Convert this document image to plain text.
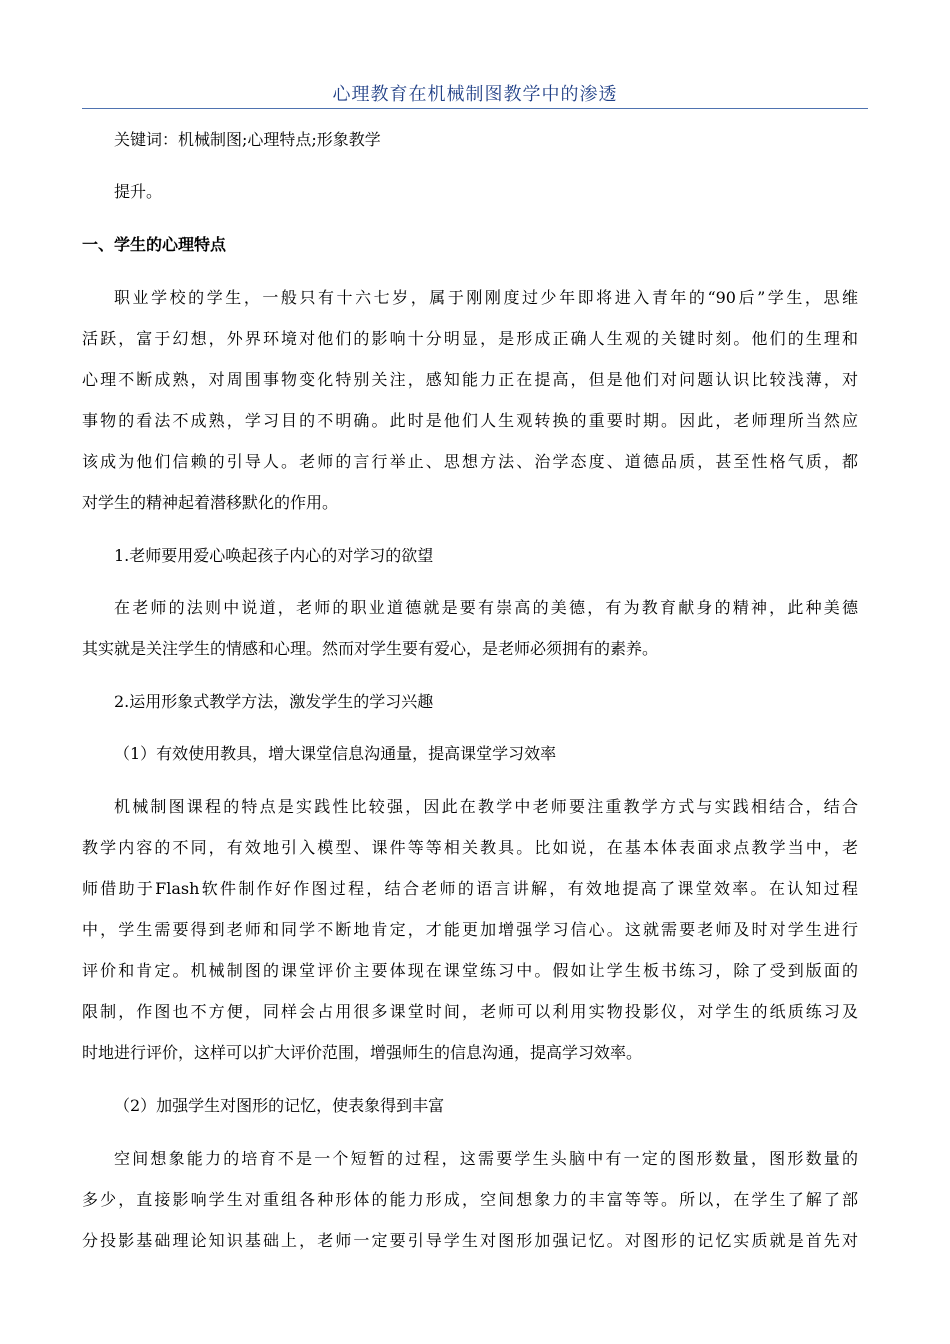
心理教育在机械制图教学中的渗透
关键词：机械制图;心理特点;形象教学
提升。
一、学生的心理特点
职业学校的学生，一般只有十六七岁，属于刚刚度过少年即将进入青年的“90后”学生，思维
活跃，富于幻想，外界环境对他们的影响十分明显，是形成正确人生观的关键时刻。他们的生理和
心理不断成熟，对周围事物变化特别关注，感知能力正在提高，但是他们对问题认识比较浅薄，对
事物的看法不成熟，学习目的不明确。此时是他们人生观转换的重要时期。因此，老师理所当然应
该成为他们信赖的引导人。老师的言行举止、思想方法、治学态度、道德品质，甚至性格气质，都
对学生的精神起着潜移默化的作用。
1.老师要用爱心唤起孩子内心的对学习的欲望
在老师的法则中说道，老师的职业道德就是要有崇高的美德，有为教育献身的精神，此种美德
其实就是关注学生的情感和心理。然而对学生要有爱心，是老师必须拥有的素养。
2.运用形象式教学方法，激发学生的学习兴趣
（1）有效使用教具，增大课堂信息沟通量，提高课堂学习效率
机械制图课程的特点是实践性比较强，因此在教学中老师要注重教学方式与实践相结合，结合
教学内容的不同，有效地引入模型、课件等等相关教具。比如说，在基本体表面求点教学当中，老
师借助于Flash软件制作好作图过程，结合老师的语言讲解，有效地提高了课堂效率。在认知过程
中，学生需要得到老师和同学不断地肯定，才能更加增强学习信心。这就需要老师及时对学生进行
评价和肯定。机械制图的课堂评价主要体现在课堂练习中。假如让学生板书练习，除了受到版面的
限制，作图也不方便，同样会占用很多课堂时间，老师可以利用实物投影仪，对学生的纸质练习及
时地进行评价，这样可以扩大评价范围，增强师生的信息沟通，提高学习效率。
（2）加强学生对图形的记忆，使表象得到丰富
空间想象能力的培育不是一个短暂的过程，这需要学生头脑中有一定的图形数量，图形数量的
多少，直接影响学生对重组各种形体的能力形成，空间想象力的丰富等等。所以，在学生了解了部
分投影基础理论知识基础上，老师一定要引导学生对图形加强记忆。对图形的记忆实质就是首先对
